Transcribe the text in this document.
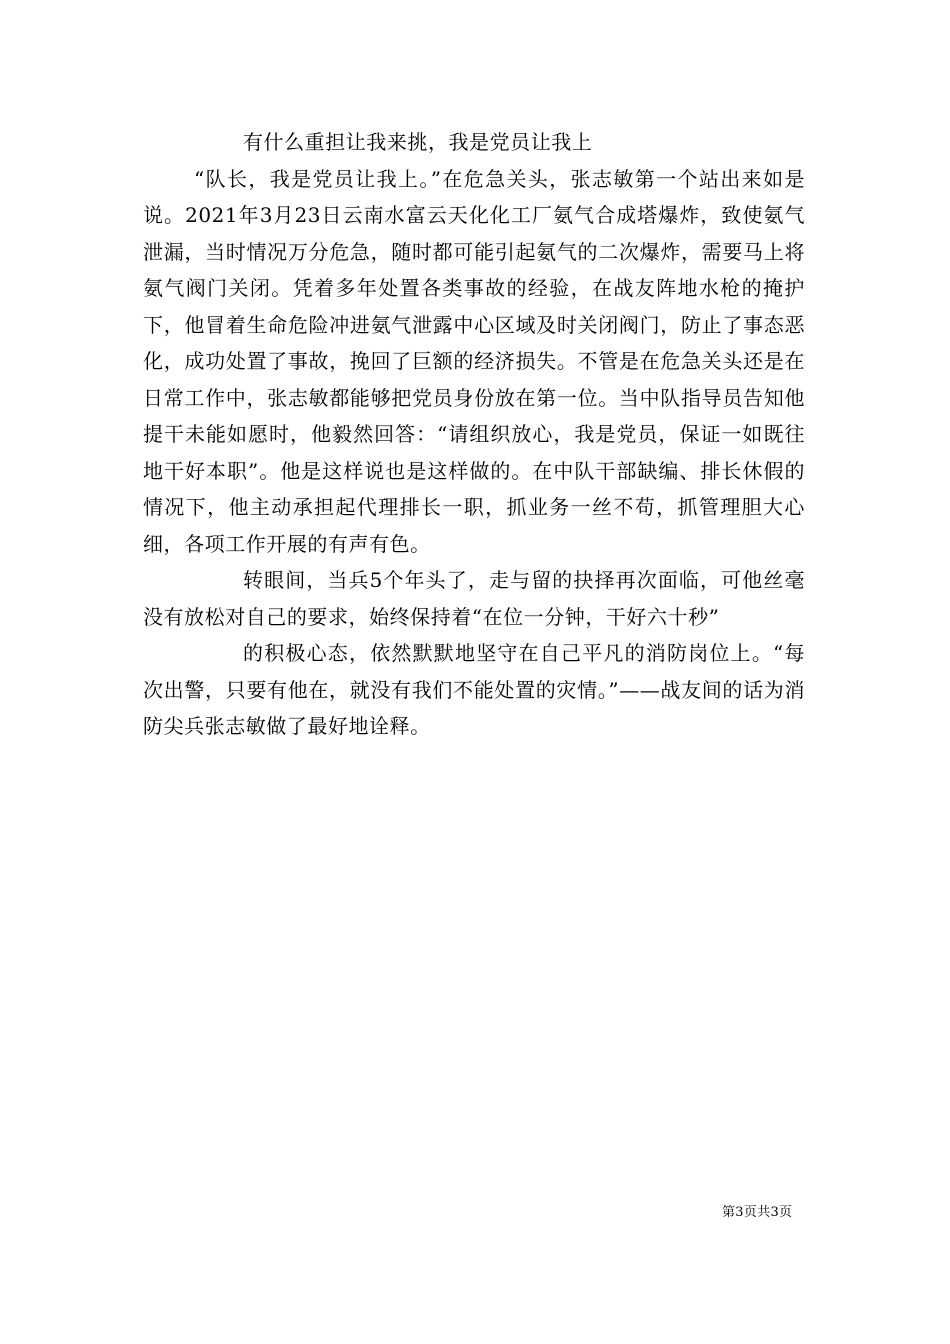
有什么重担让我来挑，我是党员让我上

“队长，我是党员让我上。”在危急关头，张志敏第一个站出来如是说。2021年3月23日云南水富云天化化工厂氨气合成塔爆炸，致使氨气泄漏，当时情况万分危急，随时都可能引起氨气的二次爆炸，需要马上将氨气阀门关闭。凭着多年处置各类事故的经验，在战友阵地水枪的掩护下，他冒着生命危险冲进氨气泄露中心区域及时关闭阀门，防止了事态恶化，成功处置了事故，挽回了巨额的经济损失。不管是在危急关头还是在日常工作中，张志敏都能够把党员身份放在第一位。当中队指导员告知他提干未能如愿时，他毅然回答：“请组织放心，我是党员，保证一如既往地干好本职”。他是这样说也是这样做的。在中队干部缺编、排长休假的情况下，他主动承担起代理排长一职，抓业务一丝不苟，抓管理胆大心细，各项工作开展的有声有色。

转眼间，当兵5个年头了，走与留的抉择再次面临，可他丝毫没有放松对自己的要求，始终保持着“在位一分钟，干好六十秒”

的积极心态，依然默默地坚守在自己平凡的消防岗位上。“每次出警，只要有他在，就没有我们不能处置的灾情。”——战友间的话为消防尖兵张志敏做了最好地诠释。

第3页共3页
